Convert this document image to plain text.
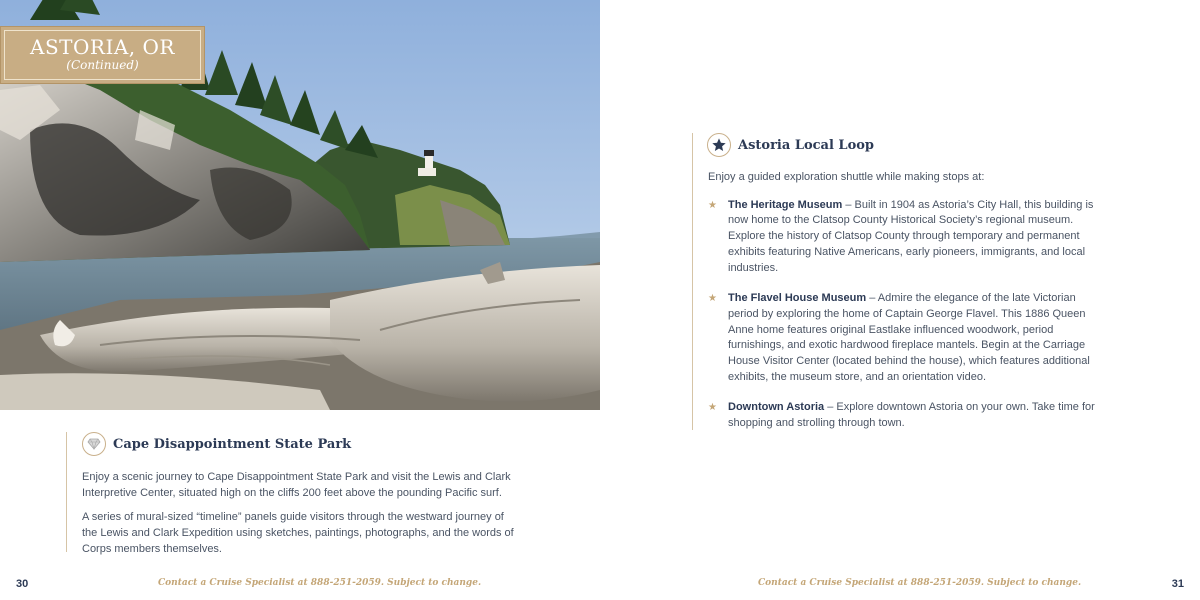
ASTORIA, OR
(Continued)
Cape Disappointment State Park

Enjoy a scenic journey to Cape Disappointment State Park and visit the Lewis and Clark Interpretive Center, situated high on the cliffs 200 feet above the pounding Pacific surf.

A series of mural-sized “timeline” panels guide visitors through the westward journey of the Lewis and Clark Expedition using sketches, paintings, photographs, and the words of Corps members themselves.

30	Contact a Cruise Specialist at 888-251-2059. Subject to change.	31
Contact a Cruise Specialist at 888-251-2059. Subject to change.
Astoria Local Loop

Enjoy a guided exploration shuttle while making stops at:

★	The Heritage Museum – Built in 1904 as Astoria’s City Hall, this building is now home to the Clatsop County Historical Society’s regional museum. Explore the history of Clatsop County through temporary and permanent exhibits featuring Native Americans, early pioneers, immigrants, and local industries.
★	The Flavel House Museum – Admire the elegance of the late Victorian period by exploring the home of Captain George Flavel. This 1886 Queen Anne home features original Eastlake influenced woodwork, period furnishings, and exotic hardwood fireplace mantels. Begin at the Carriage House Visitor Center (located behind the house), which features additional exhibits, the museum store, and an orientation video.
★	Downtown Astoria – Explore downtown Astoria on your own. Take time for shopping and strolling through town.
